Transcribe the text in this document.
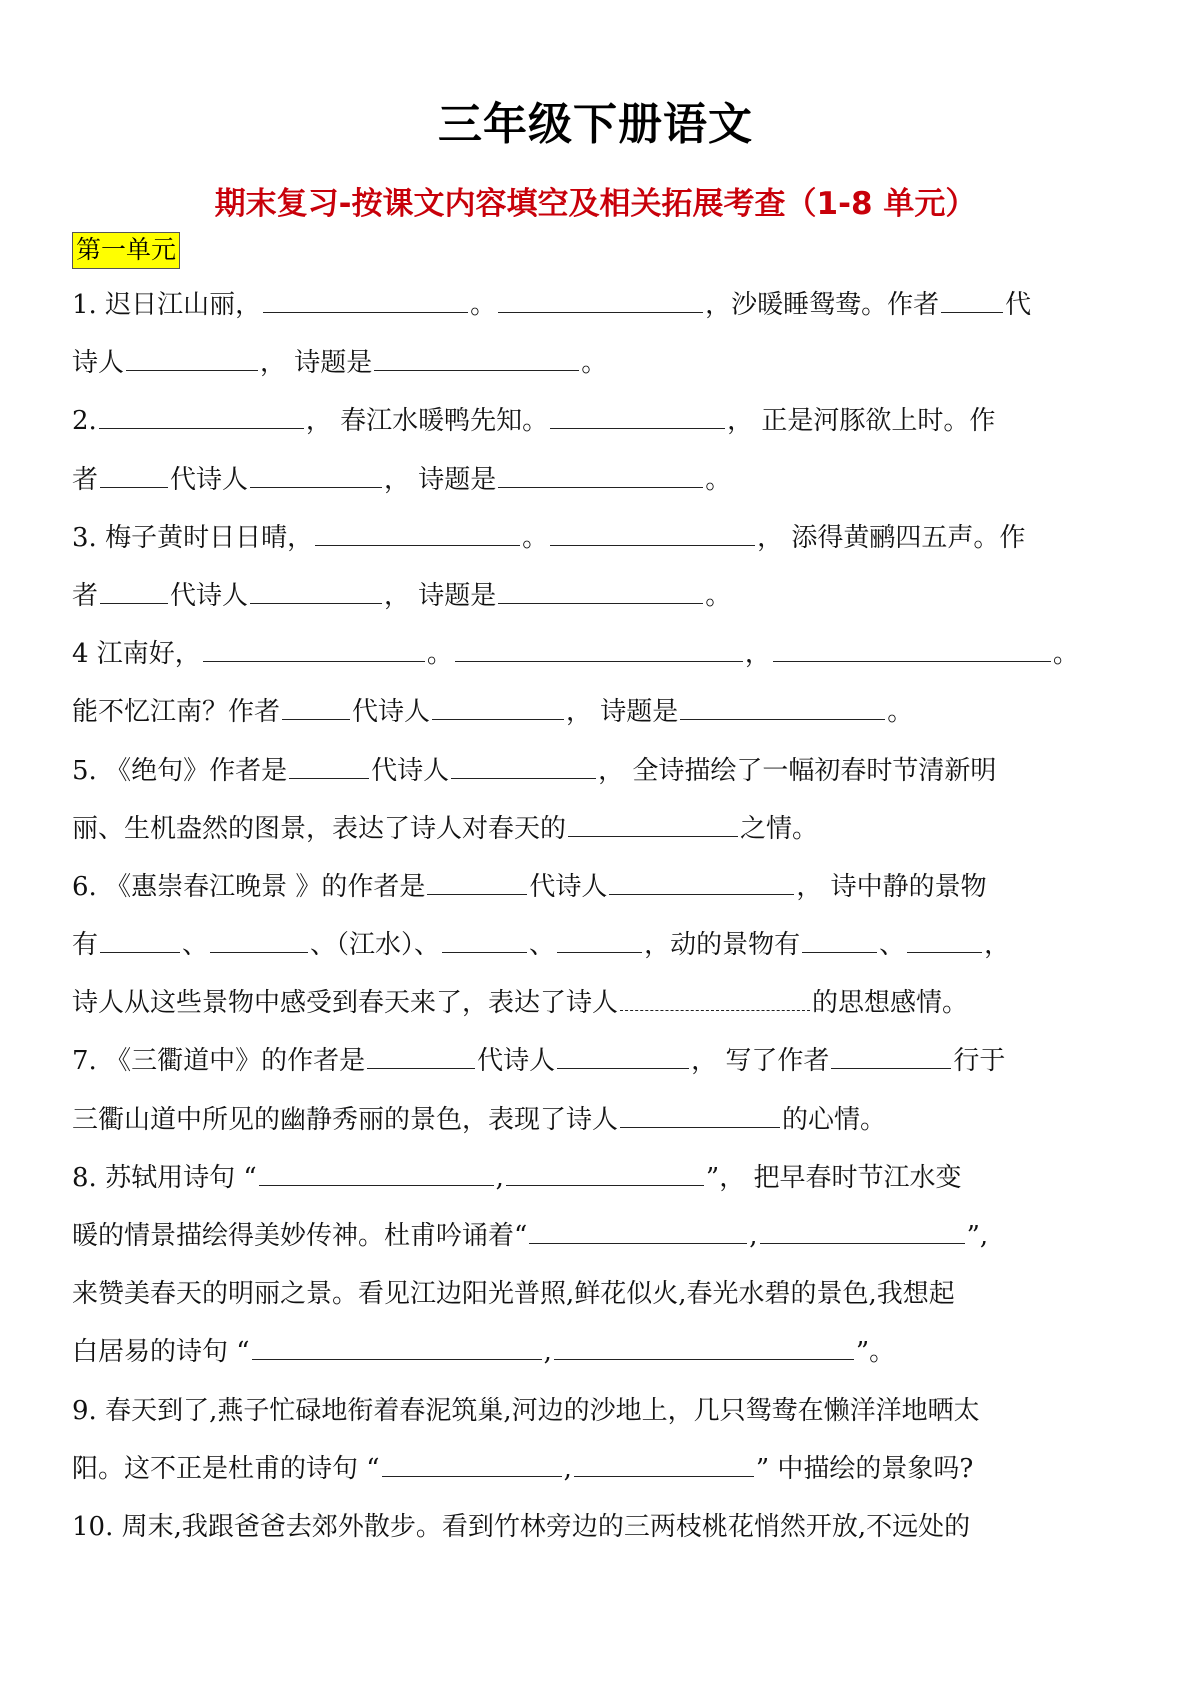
三年级下册语文
期末复习-按课文内容填空及相关拓展考查（1-8 单元）
第一单元
1. 迟日江山丽，	。	，沙暖睡鸳鸯。作者	代
诗人	， 诗题是	。
2.	， 春江水暖鸭先知。	， 正是河豚欲上时。作
者	代诗人	， 诗题是	。
3. 梅子黄时日日晴，	。	， 添得黄鹂四五声。作
者	代诗人	， 诗题是	。
4 江南好，	。	，	。
能不忆江南？作者	代诗人	， 诗题是	。
5. 《绝句》作者是	代诗人	， 全诗描绘了一幅初春时节清新明
丽、生机盎然的图景，表达了诗人对春天的	之情。
6. 《惠崇春江晚景 》的作者是	代诗人	， 诗中静的景物
有	、	、（江水）、	、	，动的景物有	、	，
诗人从这些景物中感受到春天来了，表达了诗人	的思想感情。
7. 《三衢道中》的作者是	代诗人	， 写了作者	行于
三衢山道中所见的幽静秀丽的景色，表现了诗人	的心情。
8. 苏轼用诗句 “	,	”， 把早春时节江水变
暖的情景描绘得美妙传神。杜甫吟诵着“	,	”,
来赞美春天的明丽之景。看见江边阳光普照,鲜花似火,春光水碧的景色,我想起
白居易的诗句 “	,	”。
9. 春天到了,燕子忙碌地衔着春泥筑巢,河边的沙地上，几只鸳鸯在懒洋洋地晒太
阳。这不正是杜甫的诗句 “	,	” 中描绘的景象吗?
10. 周末,我跟爸爸去郊外散步。看到竹林旁边的三两枝桃花悄然开放,不远处的
